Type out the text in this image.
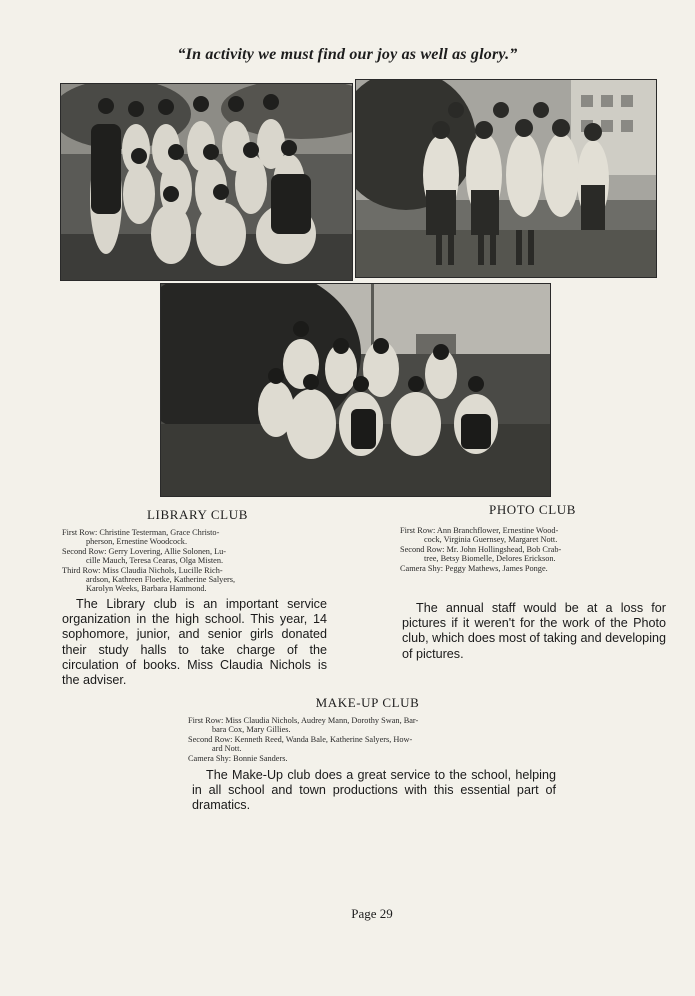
“In activity we must find our joy as well as glory.”
LIBRARY CLUB
First Row: Christine Testerman, Grace Christo-
pherson, Ernestine Woodcock.
Second Row: Gerry Lovering, Allie Solonen, Lu-
cille Mauch, Teresa Cearas, Olga Misten.
Third Row: Miss Claudia Nichols, Lucille Rich-
ardson, Kathreen Floetke, Katherine Salyers,
Karolyn Weeks, Barbara Hammond.
The Library club is an important service organization in the high school. This year, 14 sophomore, junior, and senior girls donated their study halls to take charge of the circulation of books. Miss Claudia Nichols is the adviser.
PHOTO CLUB
First Row: Ann Branchflower, Ernestine Wood-
cock, Virginia Guernsey, Margaret Nott.
Second Row: Mr. John Hollingshead, Bob Crab-
tree, Betsy Biomelle, Delores Erickson.
Camera Shy: Peggy Mathews, James Ponge.
The annual staff would be at a loss for pictures if it weren't for the work of the Photo club, which does most of taking and developing of pictures.
MAKE-UP CLUB
First Row: Miss Claudia Nichols, Audrey Mann, Dorothy Swan, Bar-
bara Cox, Mary Gillies.
Second Row: Kenneth Reed, Wanda Bale, Katherine Salyers, How-
ard Nott.
Camera Shy: Bonnie Sanders.
The Make-Up club does a great service to the school, helping in all school and town productions with this essential part of dramatics.
Page 29
